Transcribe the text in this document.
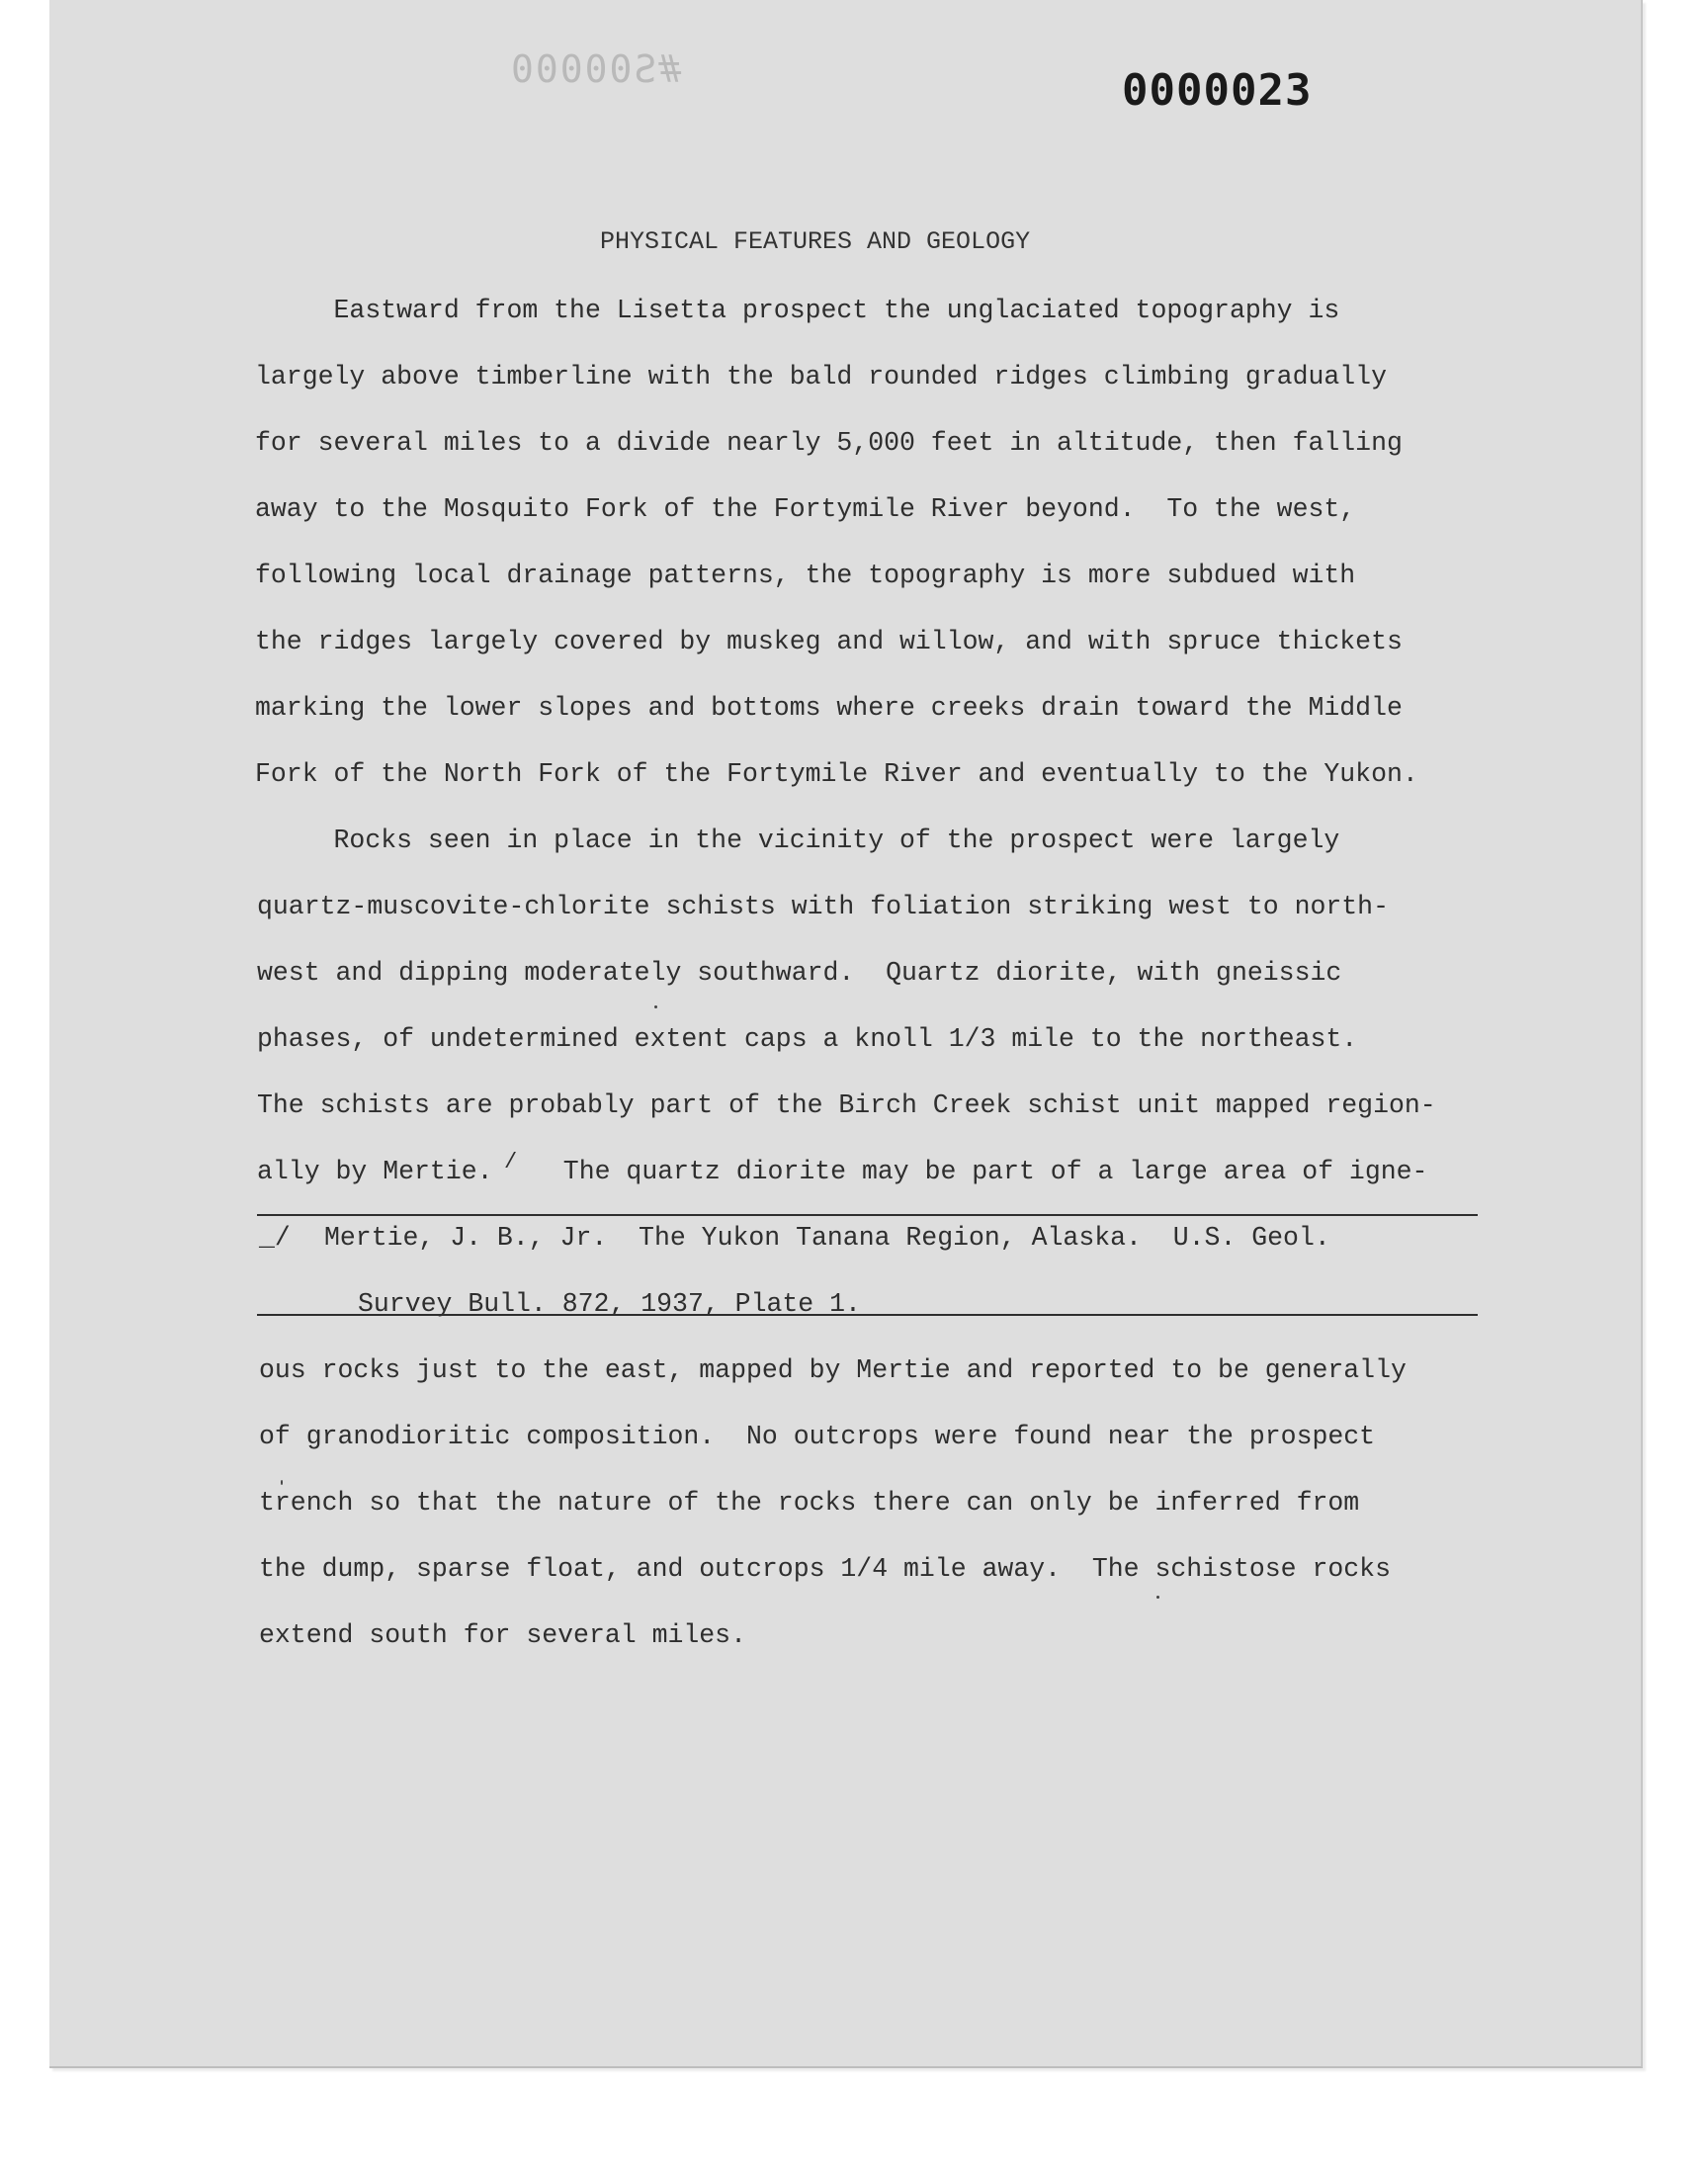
#S00000	0000023
PHYSICAL FEATURES AND GEOLOGY
Eastward from the Lisetta prospect the unglaciated topography is
largely above timberline with the bald rounded ridges climbing gradually
for several miles to a divide nearly 5,000 feet in altitude, then falling
away to the Mosquito Fork of the Fortymile River beyond.  To the west,
following local drainage patterns, the topography is more subdued with
the ridges largely covered by muskeg and willow, and with spruce thickets
marking the lower slopes and bottoms where creeks drain toward the Middle
Fork of the North Fork of the Fortymile River and eventually to the Yukon.
Rocks seen in place in the vicinity of the prospect were largely
quartz-muscovite-chlorite schists with foliation striking west to north-
west and dipping moderately southward.  Quartz diorite, with gneissic
phases, of undetermined extent caps a knoll 1/3 mile to the northeast.
The schists are probably part of the Birch Creek schist unit mapped region-
ally by Mertie. / The quartz diorite may be part of a large area of igne-
_/ Mertie, J. B., Jr.  The Yukon Tanana Region, Alaska.  U.S. Geol.
Survey Bull. 872, 1937, Plate 1.
ous rocks just to the east, mapped by Mertie and reported to be generally
of granodioritic composition.  No outcrops were found near the prospect
trench so that the nature of the rocks there can only be inferred from
the dump, sparse float, and outcrops 1/4 mile away.  The schistose rocks
extend south for several miles.
